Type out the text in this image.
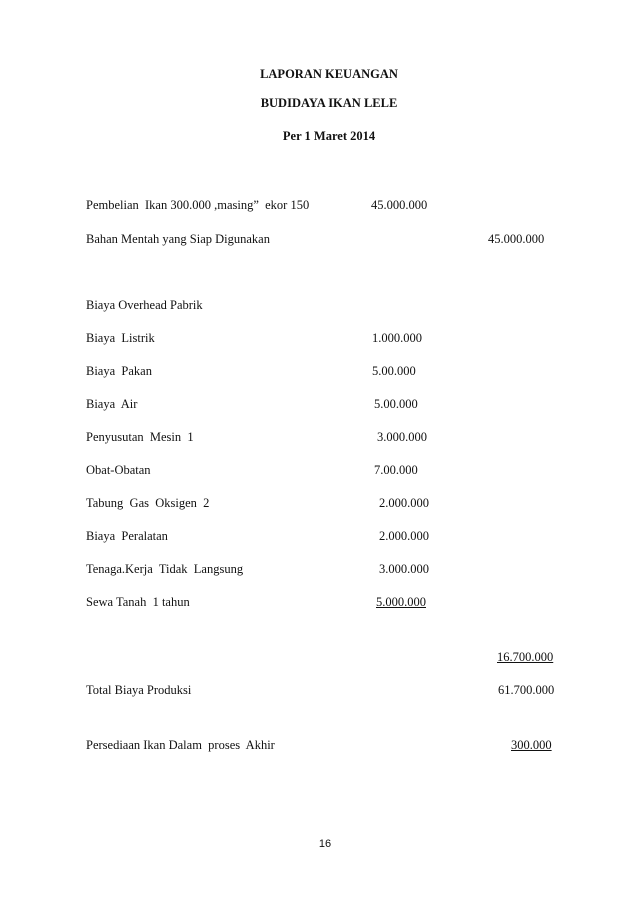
LAPORAN KEUANGAN
BUDIDAYA IKAN LELE
Per 1 Maret 2014
Pembelian  Ikan 300.000 ,masing”  ekor 150	45.000.000
Bahan Mentah yang Siap Digunakan	45.000.000
Biaya Overhead Pabrik
Biaya  Listrik	1.000.000
Biaya  Pakan	5.00.000
Biaya  Air	5.00.000
Penyusutan  Mesin  1	3.000.000
Obat-Obatan	7.00.000
Tabung  Gas  Oksigen  2	2.000.000
Biaya  Peralatan	2.000.000
Tenaga.Kerja  Tidak  Langsung	3.000.000
Sewa Tanah  1 tahun	5.000.000
16.700.000
Total Biaya Produksi	61.700.000
Persediaan Ikan Dalam  proses  Akhir	300.000
16
